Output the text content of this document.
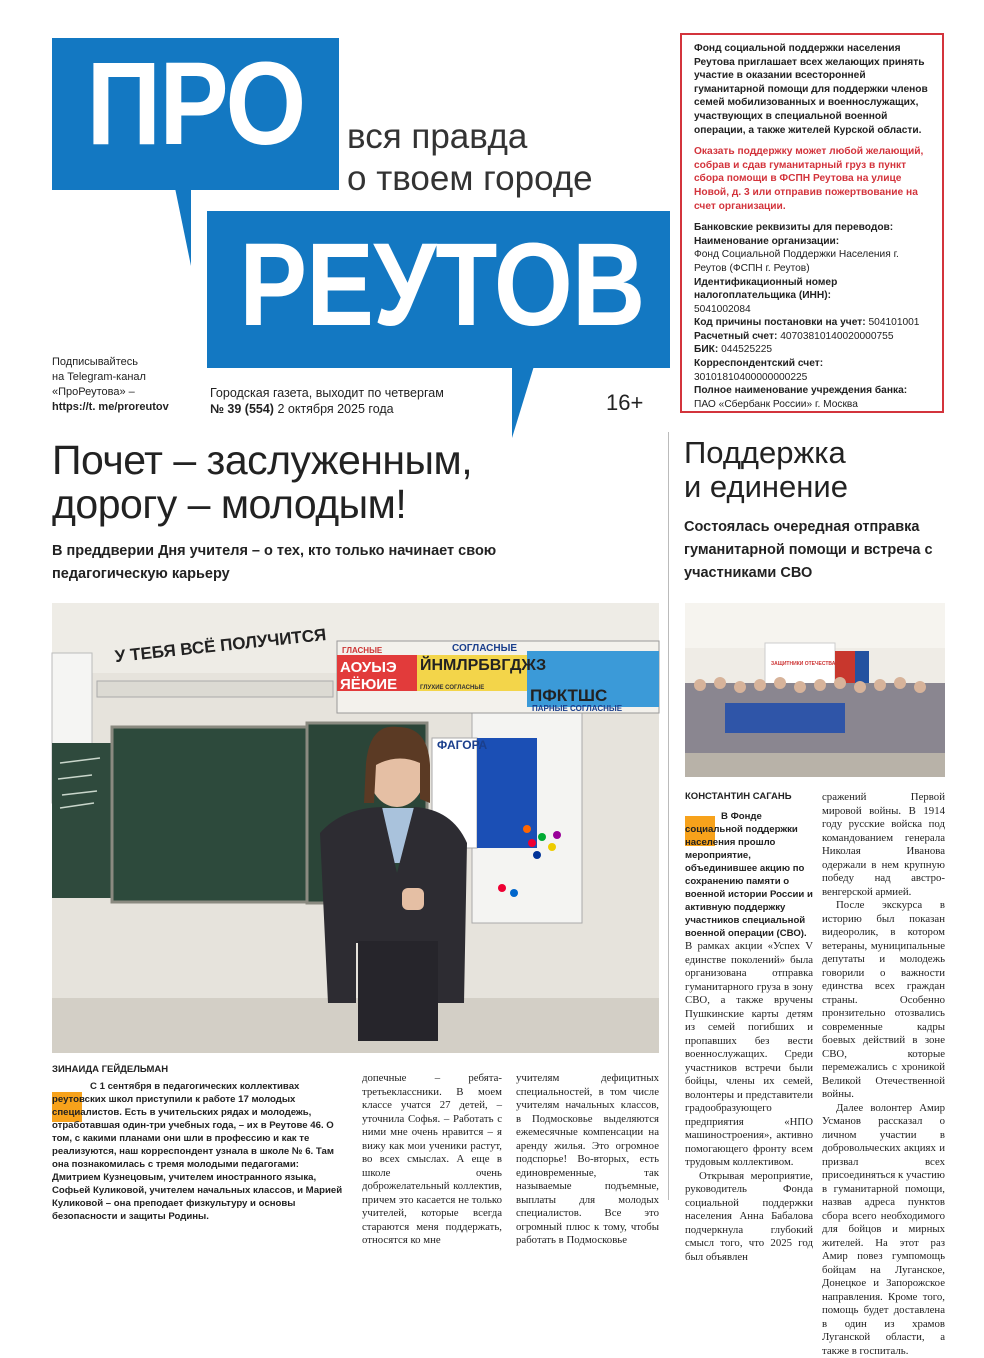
ПРО
РЕУТОВ
вся правда
о твоем городе
Подписывайтесь
на Telegram-канал
«ПроРеутова» –
https://t. me/proreutov
Городская газета, выходит по четвергам
№ 39 (554) 2 октября 2025 года	16+

Фонд социальной поддержки населения Реутова приглашает всех желающих принять участие в оказании всесторонней гуманитарной помощи для поддержки членов семей мобилизованных и военнослужащих, участвующих в специальной военной операции, а также жителей Курской области.

Оказать поддержку может любой желающий, собрав и сдав гуманитарный груз в пункт сбора помощи в ФСПН Реутова на улице Новой, д. 3 или отправив пожертвование на счет организации.

Банковские реквизиты для переводов:

Наименование организации:

Фонд Социальной Поддержки Населения г. Реутов (ФСПН г. Реутов)

Идентификационный номер налогоплательщика (ИНН):

5041002084

Код причины постановки на учет: 504101001

Расчетный счет: 40703810140020000755

БИК: 044525225

Корреспондентский счет:

30101810400000000225

Полное наименование учреждения банка:

ПАО «Сбербанк России» г. Москва

Почет – заслуженным,
дорогу – молодым!
В преддверии Дня учителя – о тех, кто только начинает свою педагогическую карьеру
Поддержка
и единение
Состоялась очередная отправка гуманитарной помощи и встреча с участниками СВО
ФАГОРА
У ТЕБЯ ВСЁ ПОЛУЧИТСЯ	СОГЛАСНЫЕ
ГЛАСНЫЕ
АОУЫЭ ЙНМЛРБВГДЖЗ
ЯЁЮИЕ
ПФКТШС
ГЛУХИЕ СОГЛАСНЫЕ
ПАРНЫЕ СОГЛАСНЫЕ
ЗАЩИТНИКИ ОТЕЧЕСТВА
ЗИНАИДА ГЕЙДЕЛЬМАН
С 1 сентября в педагогических коллективах реутовских школ приступили к работе 17 молодых специалистов. Есть в учительских рядах и молодежь, отработавшая один-три учебных года, – их в Реутове 46. О том, с какими планами они шли в профессию и как те реализуются, наш корреспондент узнала в школе № 6. Там она познакомилась с тремя молодыми педагогами: Дмитрием Кузнецовым, учителем иностранного языка, Софьей Куликовой, учителем начальных классов, и Марией Куликовой – она преподает физкультуру и основы безопасности и защиты Родины.
допечные – ребята-третьеклассники. В моем классе учатся 27 детей, – уточнила Софья. – Работать с ними мне очень нравится – я вижу как мои ученики растут, во всех смыслах. А еще в школе очень доброжелательный коллектив, причем это касается не только учителей, которые всегда стараются меня поддержать, относятся ко мне
учителям дефицитных специальностей, в том числе учителям начальных классов, в Подмосковье выделяются ежемесячные компенсации на аренду жилья. Это огромное подспорье! Во-вторых, есть единовременные, так называемые подъемные, выплаты для молодых специалистов. Все это огромный плюс к тому, чтобы работать в Подмосковье
КОНСТАНТИН САГАНЬ
В Фонде социальной поддержки населения прошло мероприятие, объединившее акцию по сохранению памяти о военной истории России и активную поддержку участников специальной военной операции (СВО).
В рамках акции «Успех V единстве поколений» была организована отправка гуманитарного груза в зону СВО, а также вручены Пушкинские карты детям из семей погибших и пропавших без вести военнослужащих. Среди участников встречи были бойцы, члены их семей, волонтеры и представители градообразующего предприятия «НПО машиностроения», активно помогающего фронту всем трудовым коллективом.
Открывая мероприятие, руководитель Фонда социальной поддержки населения Анна Бабалова подчеркнула глубокий смысл того, что 2025 год был объявлен
сражений Первой мировой войны. В 1914 году русские войска под командованием генерала Николая Иванова одержали в нем крупную победу над австро-венгерской армией.
После экскурса в историю был показан видеоролик, в котором ветераны, муниципальные депутаты и молодежь говорили о важности единства всех граждан страны. Особенно пронзительно отозвались современные кадры боевых действий в зоне СВО, которые перемежались с хроникой Великой Отечественной войны.
Далее волонтер Амир Усманов рассказал о личном участии в добровольческих акциях и призвал всех присоединяться к участию в гуманитарной помощи, назвав адреса пунктов сбора всего необходимого для бойцов и мирных жителей. На этот раз Амир повез гумпомощь бойцам на Луганское, Донецкое и Запорожское направления. Кроме того, помощь будет доставлена в один из храмов Луганской области, а также в госпиталь.
